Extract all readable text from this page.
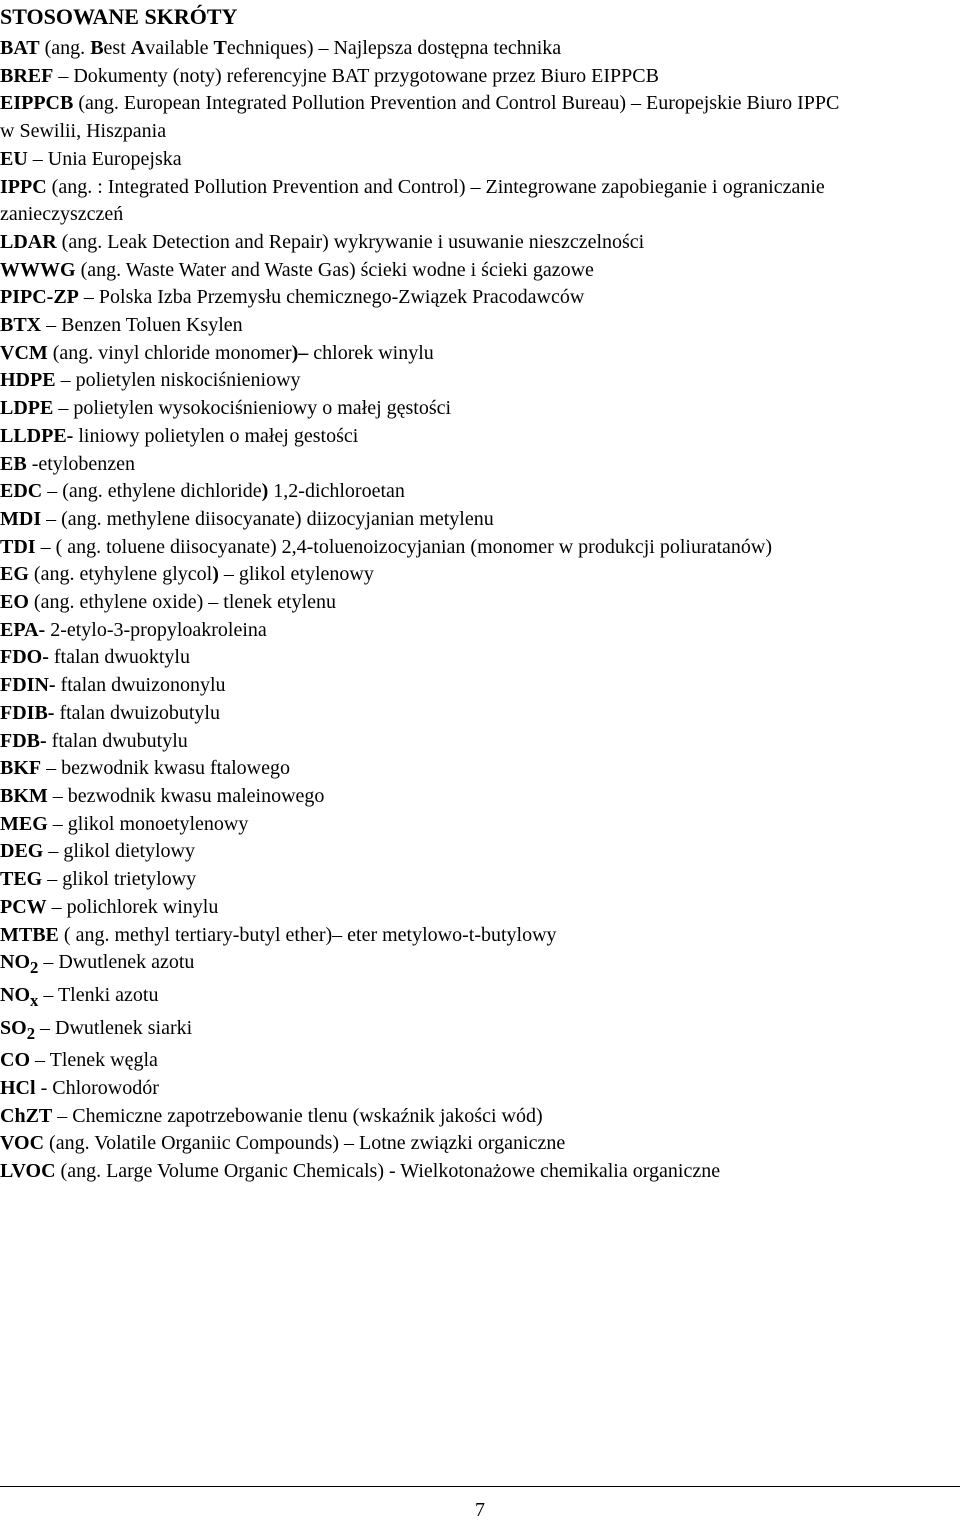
STOSOWANE SKRÓTY
BAT (ang. Best Available Techniques) – Najlepsza dostępna technika
BREF – Dokumenty (noty) referencyjne BAT przygotowane przez Biuro EIPPCB
EIPPCB (ang. European Integrated Pollution Prevention and Control Bureau) – Europejskie Biuro IPPC w Sewilii, Hiszpania
EU – Unia Europejska
IPPC (ang. : Integrated Pollution Prevention and Control) – Zintegrowane zapobieganie i ograniczanie zanieczyszczeń
LDAR (ang. Leak Detection and Repair) wykrywanie i usuwanie nieszczelności
WWWG (ang. Waste Water and Waste Gas) ścieki wodne i ścieki gazowe
PIPC-ZP – Polska Izba Przemysłu chemicznego-Związek Pracodawców
BTX – Benzen Toluen Ksylen
VCM (ang. vinyl chloride monomer)– chlorek winylu
HDPE – polietylen niskociśnieniowy
LDPE – polietylen wysokociśnieniowy o małej gęstości
LLDPE- liniowy polietylen o małej gestości
EB -etylobenzen
EDC – (ang. ethylene dichloride) 1,2-dichloroetan
MDI – (ang. methylene diisocyanate) diizocyjanian metylenu
TDI – ( ang. toluene diisocyanate) 2,4-toluenoizocyjanian (monomer w produkcji poliuratanów)
EG (ang. etyhylene glycol) – glikol etylenowy
EO (ang. ethylene oxide) – tlenek etylenu
EPA- 2-etylo-3-propyloakroleina
FDO- ftalan dwuoktylu
FDIN- ftalan dwuizononylu
FDIB- ftalan dwuizobutylu
FDB- ftalan dwubutylu
BKF – bezwodnik kwasu ftalowego
BKM – bezwodnik kwasu maleinowego
MEG – glikol monoetylenowy
DEG – glikol dietylowy
TEG – glikol trietylowy
PCW – polichlorek winylu
MTBE ( ang. methyl tertiary-butyl ether)– eter metylowo-t-butylowy
$NO_2$ – Dwutlenek azotu
$NO_x$ – Tlenki azotu
$SO_2$ – Dwutlenek siarki
CO – Tlenek węgla
HCl - Chlorowodór
ChZT – Chemiczne zapotrzebowanie tlenu (wskaźnik jakości wód)
VOC (ang. Volatile Organiic Compounds) – Lotne związki organiczne
LVOC (ang. Large Volume Organic Chemicals) - Wielkotonażowe chemikalia organiczne
7
